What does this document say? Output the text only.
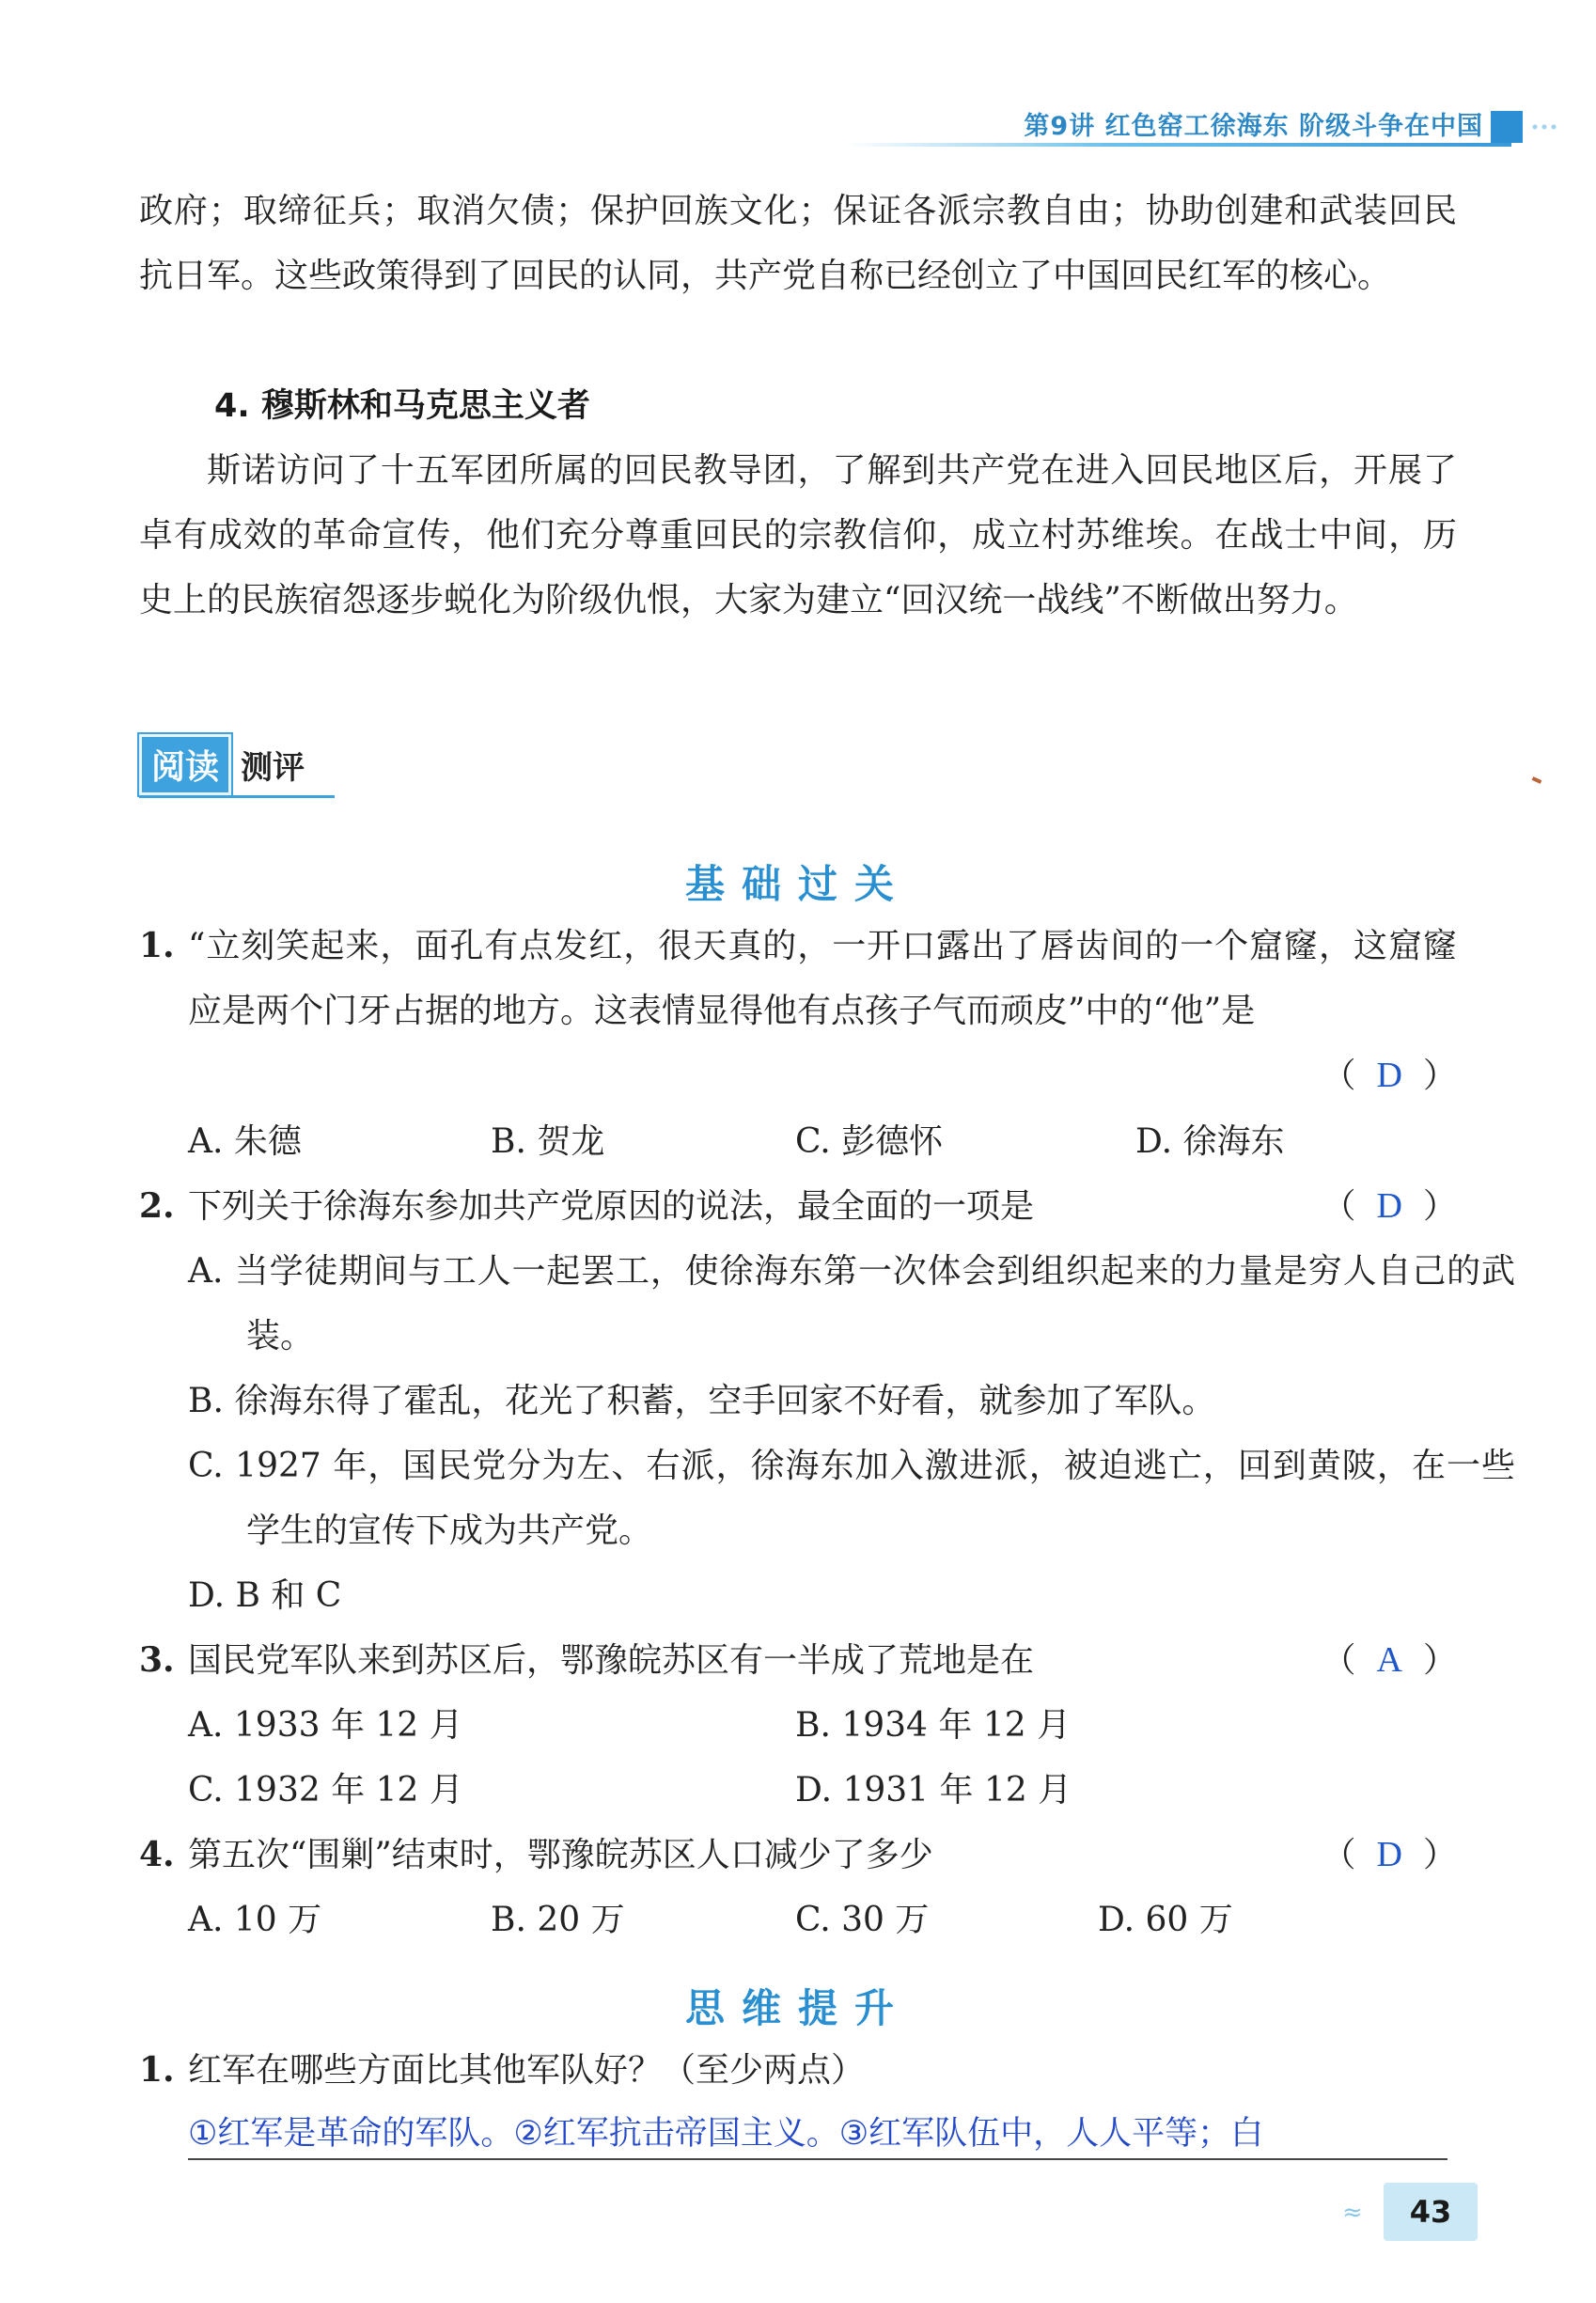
第9讲 红色窑工徐海东 阶级斗争在中国
政府；取缔征兵；取消欠债；保护回族文化；保证各派宗教自由；协助创建和武装回民抗日军。这些政策得到了回民的认同，共产党自称已经创立了中国回民红军的核心。
4. 穆斯林和马克思主义者
斯诺访问了十五军团所属的回民教导团，了解到共产党在进入回民地区后，开展了卓有成效的革命宣传，他们充分尊重回民的宗教信仰，成立村苏维埃。在战士中间，历史上的民族宿怨逐步蜕化为阶级仇恨，大家为建立“回汉统一战线”不断做出努力。
阅读 测评
基础过关
1. “立刻笑起来，面孔有点发红，很天真的，一开口露出了唇齿间的一个窟窿，这窟窿应是两个门牙占据的地方。这表情显得他有点孩子气而顽皮”中的“他”是
（ D ）
A. 朱德	B. 贺龙	C. 彭德怀	D. 徐海东
2. 下列关于徐海东参加共产党原因的说法，最全面的一项是	（ D ）
A. 当学徒期间与工人一起罢工，使徐海东第一次体会到组织起来的力量是穷人自己的武装。
B. 徐海东得了霍乱，花光了积蓄，空手回家不好看，就参加了军队。
C. 1927 年，国民党分为左、右派，徐海东加入激进派，被迫逃亡，回到黄陂，在一些学生的宣传下成为共产党。
D. B 和 C
3. 国民党军队来到苏区后，鄂豫皖苏区有一半成了荒地是在	（ A ）
A. 1933 年 12 月	B. 1934 年 12 月
C. 1932 年 12 月	D. 1931 年 12 月
4. 第五次“围剿”结束时，鄂豫皖苏区人口减少了多少	（ D ）
A. 10 万	B. 20 万	C. 30 万	D. 60 万
思维提升
1. 红军在哪些方面比其他军队好？（至少两点）
①红军是革命的军队。②红军抗击帝国主义。③红军队伍中，人人平等；白
≈	43
